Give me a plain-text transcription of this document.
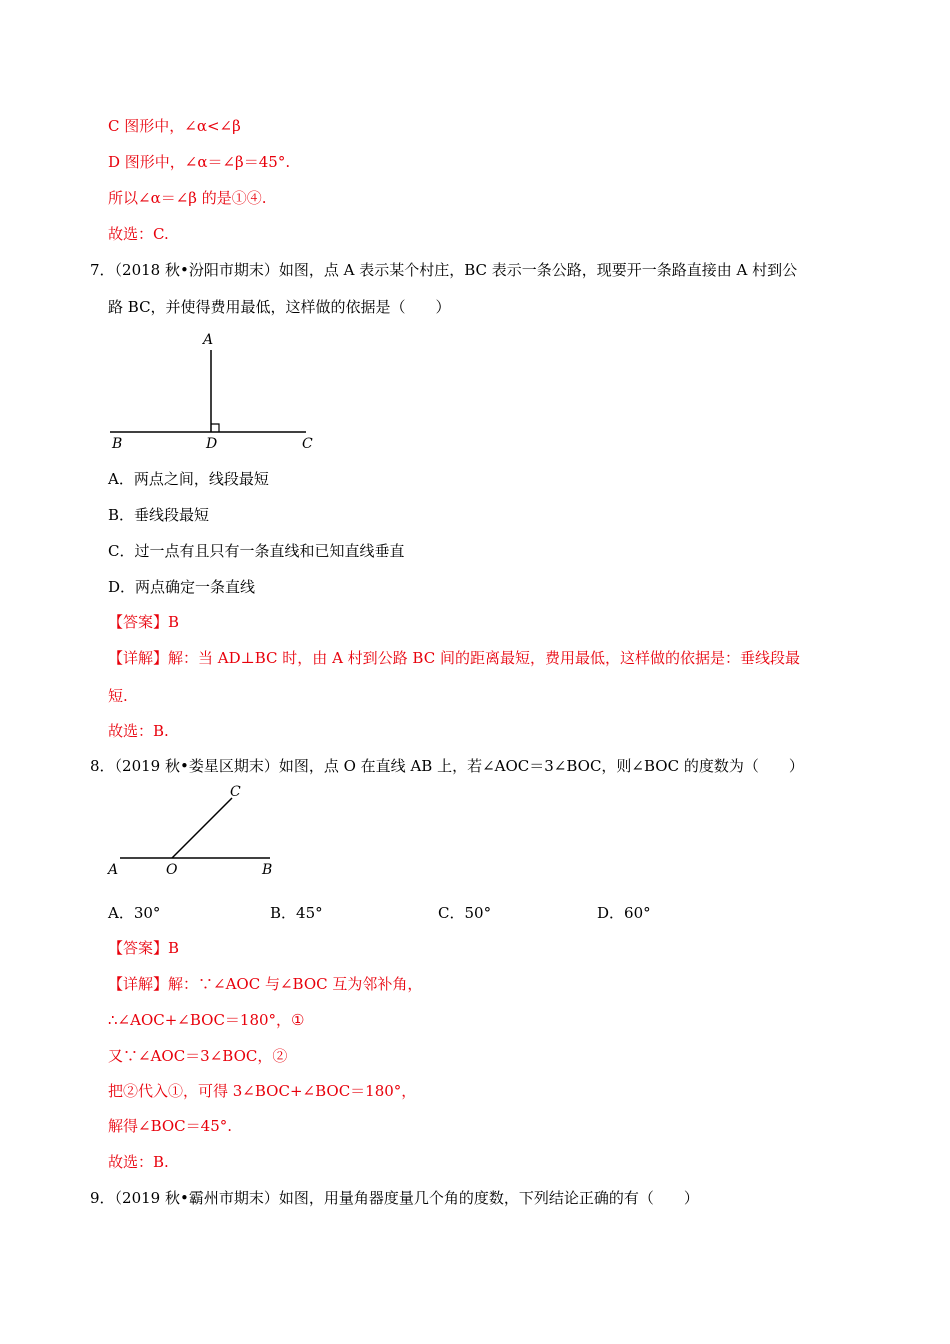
C 图形中，∠α<∠β
D 图形中，∠α＝∠β＝45°.
所以∠α＝∠β 的是①④.
故选：C.
7．（2018 秋•汾阳市期末）如图，点 A 表示某个村庄，BC 表示一条公路，现要开一条路直接由 A 村到公
路 BC，并使得费用最低，这样做的依据是（　　）
A
B	D	C
A．两点之间，线段最短
B．垂线段最短
C．过一点有且只有一条直线和已知直线垂直
D．两点确定一条直线
【答案】B
【详解】解：当 AD⊥BC 时，由 A 村到公路 BC 间的距离最短，费用最低，这样做的依据是：垂线段最
短.
故选：B.
8．（2019 秋•娄星区期末）如图，点 O 在直线 AB 上，若∠AOC＝3∠BOC，则∠BOC 的度数为（　　）
C
A	O	B
A．30°	B．45°	C．50°	D．60°
【答案】B
【详解】解：∵∠AOC 与∠BOC 互为邻补角，
∴∠AOC+∠BOC＝180°，①
又∵∠AOC＝3∠BOC，②
把②代入①，可得 3∠BOC+∠BOC＝180°，
解得∠BOC＝45°.
故选：B.
9．（2019 秋•霸州市期末）如图，用量角器度量几个角的度数，下列结论正确的有（　　）
